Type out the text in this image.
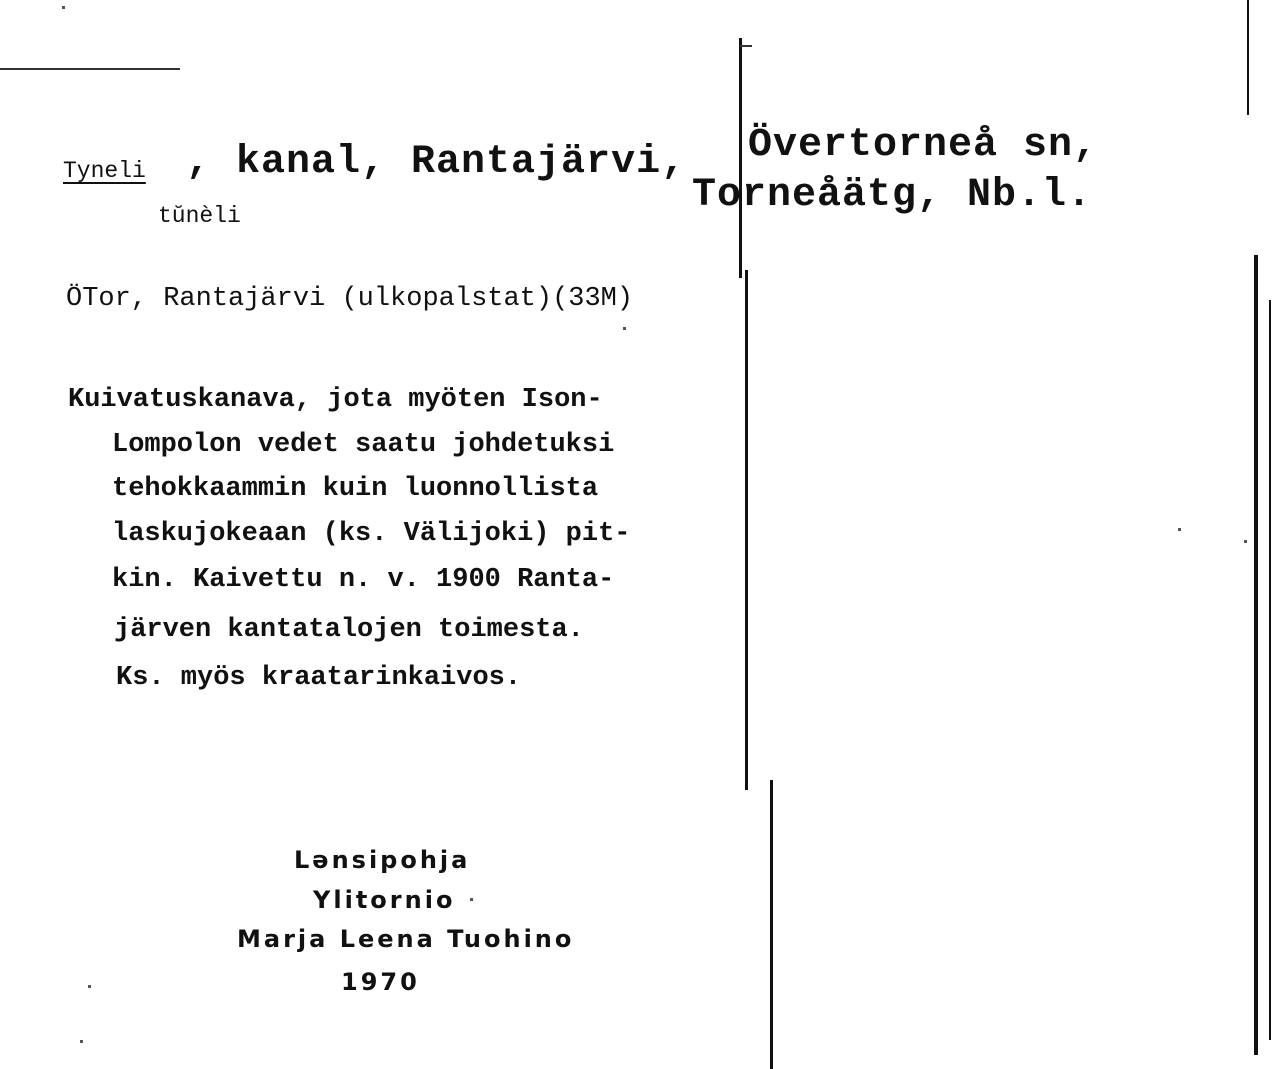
Tyneli , kanal, Rantajärvi, Övertorneå sn,
Torneåätg, Nb.l.
tŭnèli
ÖTor, Rantajärvi (ulkopalstat)(33M)
Kuivatuskanava, jota myöten Ison-
Lompolon vedet saatu johdetuksi
tehokkaammin kuin luonnollista
laskujokeaan (ks. Välijoki) pit-
kin. Kaivettu n. v. 1900 Ranta-
järven kantatalojen toimesta.
Ks. myös kraatarinkaivos.
Lənsipohja
Ylitornio
Marja Leena Tuohino
1970
